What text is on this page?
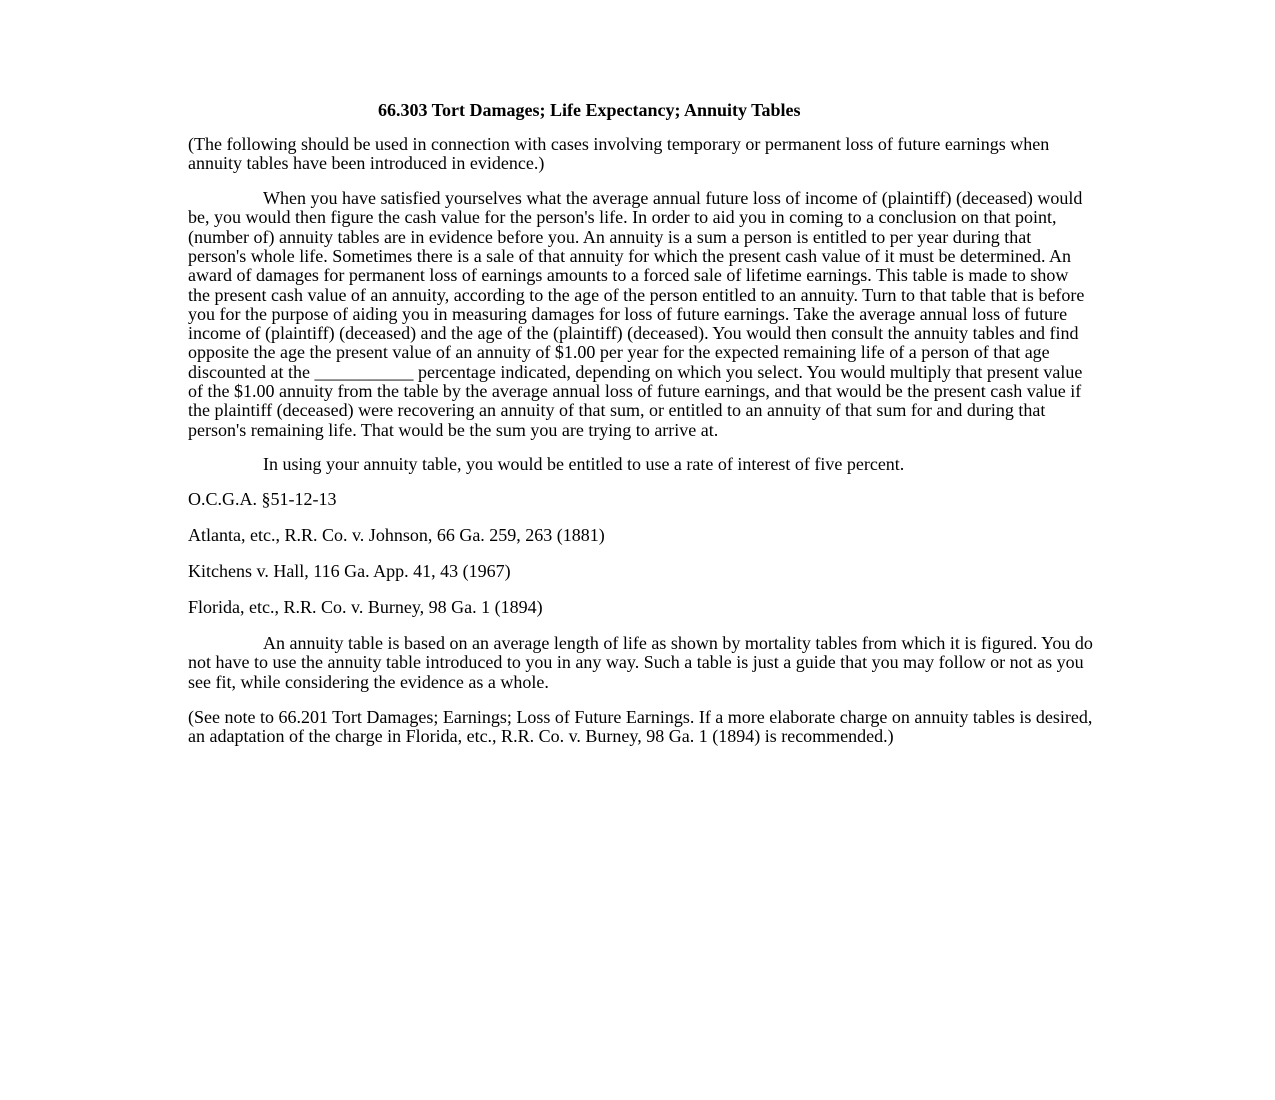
66.303 Tort Damages; Life Expectancy; Annuity Tables

(The following should be used in connection with cases involving temporary or permanent loss of future earnings when annuity tables have been introduced in evidence.)

When you have satisfied yourselves what the average annual future loss of income of (plaintiff) (deceased) would be, you would then figure the cash value for the person's life. In order to aid you in coming to a conclusion on that point, (number of) annuity tables are in evidence before you. An annuity is a sum a person is entitled to per year during that person's whole life. Sometimes there is a sale of that annuity for which the present cash value of it must be determined. An award of damages for permanent loss of earnings amounts to a forced sale of lifetime earnings. This table is made to show the present cash value of an annuity, according to the age of the person entitled to an annuity. Turn to that table that is before you for the purpose of aiding you in measuring damages for loss of future earnings. Take the average annual loss of future income of (plaintiff) (deceased) and the age of the (plaintiff) (deceased). You would then consult the annuity tables and find opposite the age the present value of an annuity of $1.00 per year for the expected remaining life of a person of that age discounted at the ___________ percentage indicated, depending on which you select. You would multiply that present value of the $1.00 annuity from the table by the average annual loss of future earnings, and that would be the present cash value if the plaintiff (deceased) were recovering an annuity of that sum, or entitled to an annuity of that sum for and during that person's remaining life. That would be the sum you are trying to arrive at.

In using your annuity table, you would be entitled to use a rate of interest of five percent.

O.C.G.A. §51-12-13

Atlanta, etc., R.R. Co. v. Johnson, 66 Ga. 259, 263 (1881)

Kitchens v. Hall, 116 Ga. App. 41, 43 (1967)

Florida, etc., R.R. Co. v. Burney, 98 Ga. 1 (1894)

An annuity table is based on an average length of life as shown by mortality tables from which it is figured. You do not have to use the annuity table introduced to you in any way. Such a table is just a guide that you may follow or not as you see fit, while considering the evidence as a whole.

(See note to 66.201 Tort Damages; Earnings; Loss of Future Earnings. If a more elaborate charge on annuity tables is desired, an adaptation of the charge in Florida, etc., R.R. Co. v. Burney, 98 Ga. 1 (1894) is recommended.)
